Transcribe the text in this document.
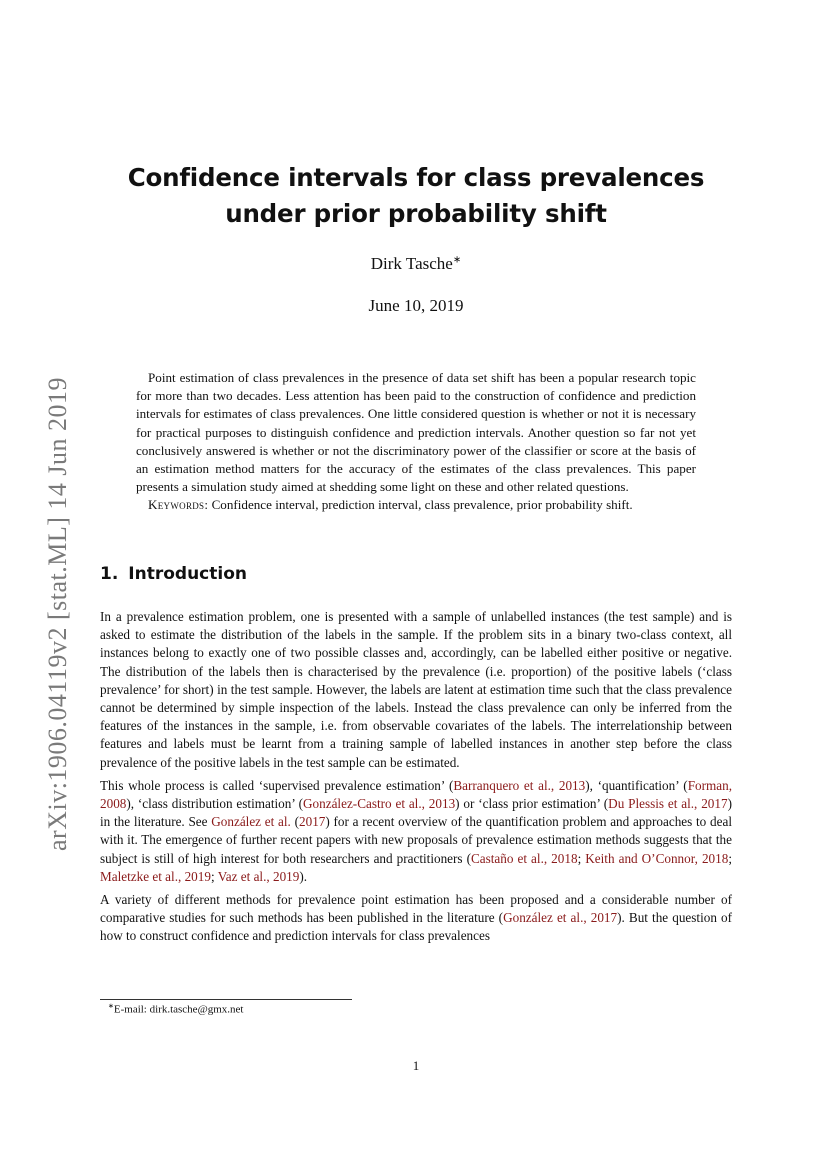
arXiv:1906.04119v2 [stat.ML] 14 Jun 2019
Confidence intervals for class prevalences under prior probability shift
Dirk Tasche∗
June 10, 2019

Point estimation of class prevalences in the presence of data set shift has been a popular research topic for more than two decades. Less attention has been paid to the construction of confidence and prediction intervals for estimates of class prevalences. One little considered question is whether or not it is necessary for practical purposes to distinguish confidence and prediction intervals. Another question so far not yet conclusively answered is whether or not the discriminatory power of the classifier or score at the basis of an estimation method matters for the accuracy of the estimates of the class prevalences. This paper presents a simulation study aimed at shedding some light on these and other related questions.

Keywords: Confidence interval, prediction interval, class prevalence, prior probability shift.

1. Introduction

In a prevalence estimation problem, one is presented with a sample of unlabelled instances (the test sample) and is asked to estimate the distribution of the labels in the sample. If the problem sits in a binary two-class context, all instances belong to exactly one of two possible classes and, accordingly, can be labelled either positive or negative. The distribution of the labels then is characterised by the prevalence (i.e. proportion) of the positive labels (‘class prevalence’ for short) in the test sample. However, the labels are latent at estimation time such that the class prevalence cannot be determined by simple inspection of the labels. Instead the class prevalence can only be inferred from the features of the instances in the sample, i.e. from observable covariates of the labels. The interrelationship between features and labels must be learnt from a training sample of labelled instances in another step before the class prevalence of the positive labels in the test sample can be estimated.

This whole process is called ‘supervised prevalence estimation’ (Barranquero et al., 2013), ‘quantification’ (Forman, 2008), ‘class distribution estimation’ (González-Castro et al., 2013) or ‘class prior estimation’ (Du Plessis et al., 2017) in the literature. See González et al. (2017) for a recent overview of the quantification problem and approaches to deal with it. The emergence of further recent papers with new proposals of prevalence estimation methods suggests that the subject is still of high interest for both researchers and practitioners (Castaño et al., 2018; Keith and O’Connor, 2018; Maletzke et al., 2019; Vaz et al., 2019).

A variety of different methods for prevalence point estimation has been proposed and a considerable number of comparative studies for such methods has been published in the literature (González et al., 2017). But the question of how to construct confidence and prediction intervals for class prevalences

∗E-mail: dirk.tasche@gmx.net
1
